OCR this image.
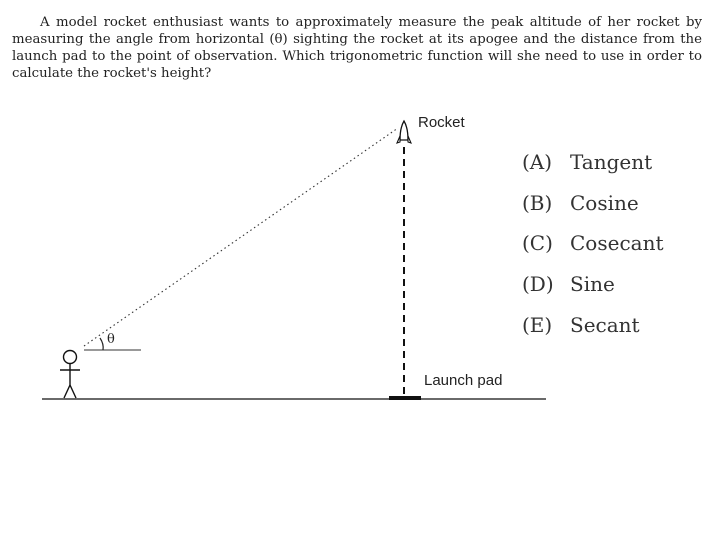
A model rocket enthusiast wants to approximately measure the peak altitude of her rocket by measuring the angle from horizontal (θ) sighting the rocket at its apogee and the distance from the launch pad to the point of observation. Which trigonometric function will she need to use in order to calculate the rocket's height?

θ
Rocket
Launch pad
(A) Tangent
(B) Cosine
(C) Cosecant
(D) Sine
(E) Secant
